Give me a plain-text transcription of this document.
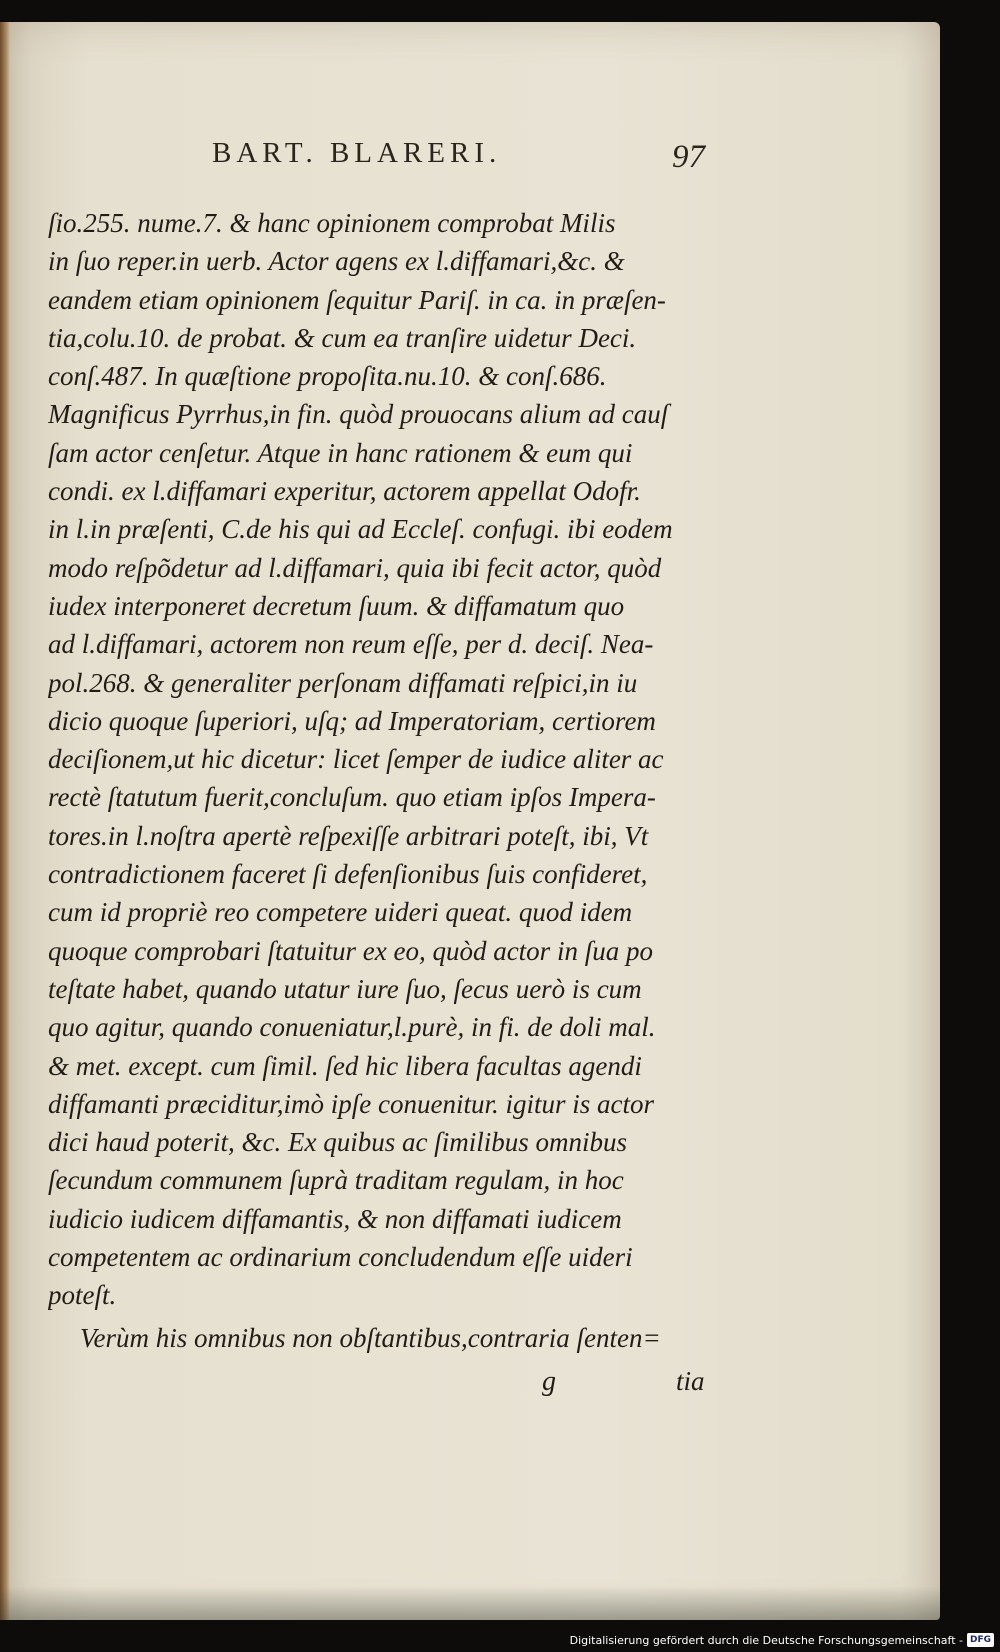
BART. BLARERI.	97
ſio.255. nume.7. & hanc opinionem comprobat Milis
in ſuo reper.in uerb. Actor agens ex l.diffamari,&c. &
eandem etiam opinionem ſequitur Pariſ. in ca. in præſen-
tia,colu.10. de probat. & cum ea tranſire uidetur Deci.
conſ.487. In quæſtione propoſita.nu.10. & conſ.686.
Magnificus Pyrrhus,in fin. quòd prouocans alium ad cauſ
ſam actor cenſetur. Atque in hanc rationem & eum qui
condi. ex l.diffamari experitur, actorem appellat Odofr.
in l.in præſenti, C.de his qui ad Eccleſ. confugi. ibi eodem
modo reſpõdetur ad l.diffamari, quia ibi fecit actor, quòd
iudex interponeret decretum ſuum. & diffamatum quo
ad l.diffamari, actorem non reum eſſe, per d. deciſ. Nea-
pol.268. & generaliter perſonam diffamati reſpici,in iu
dicio quoque ſuperiori, uſq; ad Imperatoriam, certiorem
deciſionem,ut hic dicetur: licet ſemper de iudice aliter ac
rectè ſtatutum fuerit,concluſum. quo etiam ipſos Impera-
tores.in l.noſtra apertè reſpexiſſe arbitrari poteſt, ibi, Vt
contradictionem faceret ſi defenſionibus ſuis confideret,
cum id propriè reo competere uideri queat. quod idem
quoque comprobari ſtatuitur ex eo, quòd actor in ſua po
teſtate habet, quando utatur iure ſuo, ſecus uerò is cum
quo agitur, quando conueniatur,l.purè, in fi. de doli mal.
& met. except. cum ſimil. ſed hic libera facultas agendi
diffamanti præciditur,imò ipſe conuenitur. igitur is actor
dici haud poterit, &c. Ex quibus ac ſimilibus omnibus
ſecundum communem ſuprà traditam regulam, in hoc
iudicio iudicem diffamantis, & non diffamati iudicem
competentem ac ordinarium concludendum eſſe uideri
poteſt.
Verùm his omnibus non obſtantibus,contraria ſenten=
g	tia
Digitalisierung gefördert durch die Deutsche Forschungsgemeinschaft - DFG
